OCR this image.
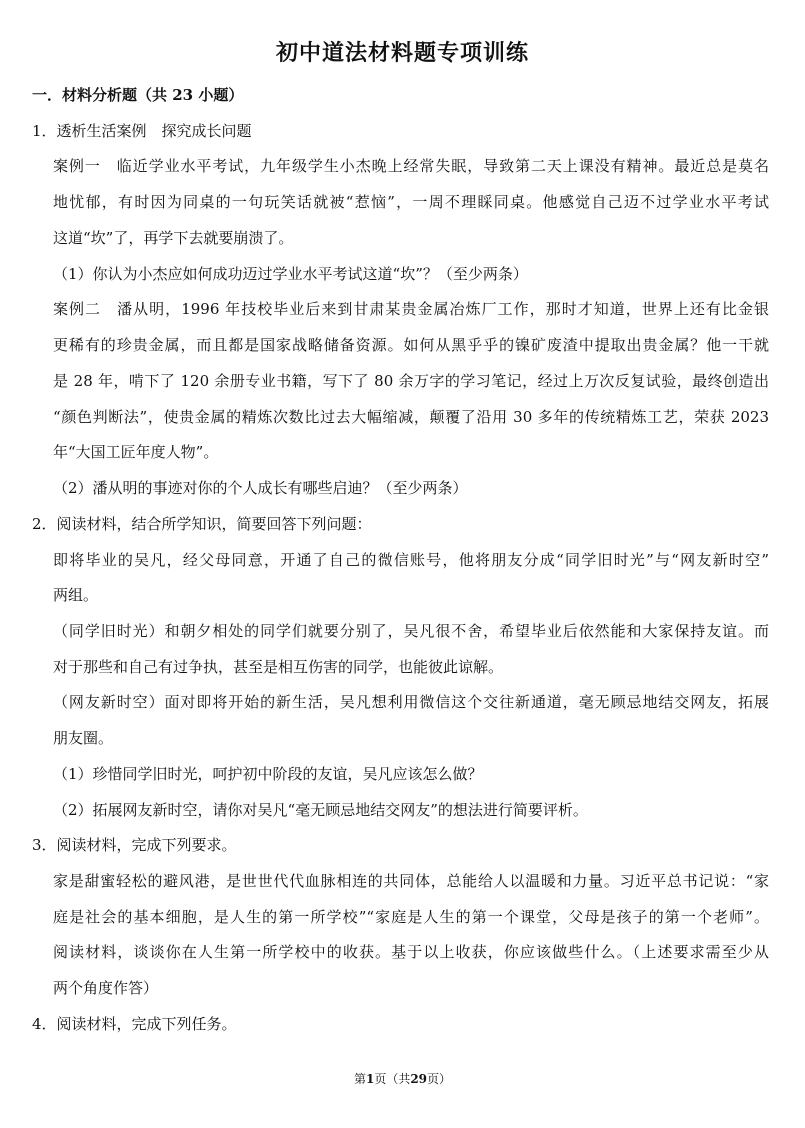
初中道法材料题专项训练
一．材料分析题（共 23 小题）
1．透析生活案例　探究成长问题
案例一　临近学业水平考试，九年级学生小杰晚上经常失眠，导致第二天上课没有精神。最近总是莫名
地忧郁，有时因为同桌的一句玩笑话就被“惹恼”，一周不理睬同桌。他感觉自己迈不过学业水平考试
这道“坎”了，再学下去就要崩溃了。
（1）你认为小杰应如何成功迈过学业水平考试这道“坎”？（至少两条）
案例二　潘从明，1996 年技校毕业后来到甘肃某贵金属冶炼厂工作，那时才知道，世界上还有比金银
更稀有的珍贵金属，而且都是国家战略储备资源。如何从黑乎乎的镍矿废渣中提取出贵金属？他一干就
是 28 年，啃下了 120 余册专业书籍，写下了 80 余万字的学习笔记，经过上万次反复试验，最终创造出
“颜色判断法”，使贵金属的精炼次数比过去大幅缩减，颠覆了沿用 30 多年的传统精炼工艺，荣获 2023
年“大国工匠年度人物”。
（2）潘从明的事迹对你的个人成长有哪些启迪？（至少两条）
2．阅读材料，结合所学知识，简要回答下列问题：
即将毕业的吴凡，经父母同意，开通了自己的微信账号，他将朋友分成“同学旧时光”与“网友新时空”
两组。
（同学旧时光）和朝夕相处的同学们就要分别了，吴凡很不舍，希望毕业后依然能和大家保持友谊。而
对于那些和自己有过争执，甚至是相互伤害的同学，也能彼此谅解。
（网友新时空）面对即将开始的新生活，吴凡想利用微信这个交往新通道，毫无顾忌地结交网友，拓展
朋友圈。
（1）珍惜同学旧时光，呵护初中阶段的友谊，吴凡应该怎么做？
（2）拓展网友新时空，请你对吴凡“毫无顾忌地结交网友”的想法进行简要评析。
3．阅读材料，完成下列要求。
家是甜蜜轻松的避风港，是世世代代血脉相连的共同体，总能给人以温暖和力量。习近平总书记说：“家
庭是社会的基本细胞，是人生的第一所学校”“家庭是人生的第一个课堂，父母是孩子的第一个老师”。
阅读材料，谈谈你在人生第一所学校中的收获。基于以上收获，你应该做些什么。（上述要求需至少从
两个角度作答）
4．阅读材料，完成下列任务。
第1页（共29页）
